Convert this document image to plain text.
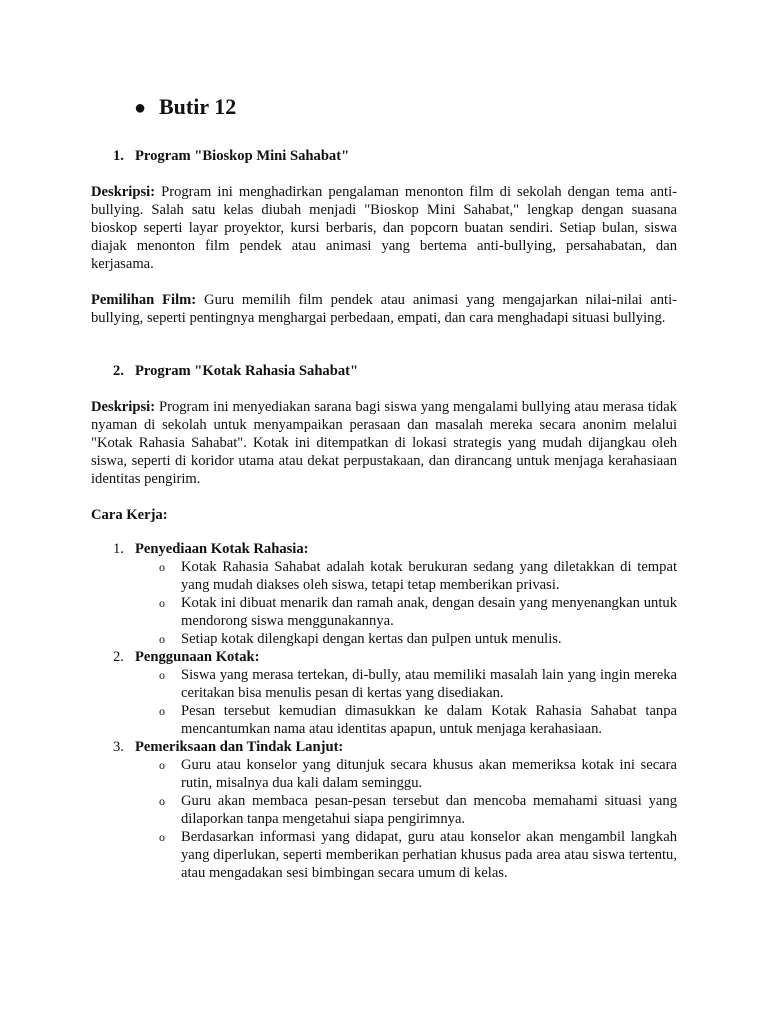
● Butir 12
1. Program "Bioskop Mini Sahabat"
Deskripsi: Program ini menghadirkan pengalaman menonton film di sekolah dengan tema anti-bullying. Salah satu kelas diubah menjadi "Bioskop Mini Sahabat," lengkap dengan suasana bioskop seperti layar proyektor, kursi berbaris, dan popcorn buatan sendiri. Setiap bulan, siswa diajak menonton film pendek atau animasi yang bertema anti-bullying, persahabatan, dan kerjasama.
Pemilihan Film: Guru memilih film pendek atau animasi yang mengajarkan nilai-nilai anti-bullying, seperti pentingnya menghargai perbedaan, empati, dan cara menghadapi situasi bullying.
2. Program "Kotak Rahasia Sahabat"
Deskripsi: Program ini menyediakan sarana bagi siswa yang mengalami bullying atau merasa tidak nyaman di sekolah untuk menyampaikan perasaan dan masalah mereka secara anonim melalui "Kotak Rahasia Sahabat". Kotak ini ditempatkan di lokasi strategis yang mudah dijangkau oleh siswa, seperti di koridor utama atau dekat perpustakaan, dan dirancang untuk menjaga kerahasiaan identitas pengirim.
Cara Kerja:
1. Penyediaan Kotak Rahasia:
o Kotak Rahasia Sahabat adalah kotak berukuran sedang yang diletakkan di tempat yang mudah diakses oleh siswa, tetapi tetap memberikan privasi.
o Kotak ini dibuat menarik dan ramah anak, dengan desain yang menyenangkan untuk mendorong siswa menggunakannya.
o Setiap kotak dilengkapi dengan kertas dan pulpen untuk menulis.
2. Penggunaan Kotak:
o Siswa yang merasa tertekan, di-bully, atau memiliki masalah lain yang ingin mereka ceritakan bisa menulis pesan di kertas yang disediakan.
o Pesan tersebut kemudian dimasukkan ke dalam Kotak Rahasia Sahabat tanpa mencantumkan nama atau identitas apapun, untuk menjaga kerahasiaan.
3. Pemeriksaan dan Tindak Lanjut:
o Guru atau konselor yang ditunjuk secara khusus akan memeriksa kotak ini secara rutin, misalnya dua kali dalam seminggu.
o Guru akan membaca pesan-pesan tersebut dan mencoba memahami situasi yang dilaporkan tanpa mengetahui siapa pengirimnya.
o Berdasarkan informasi yang didapat, guru atau konselor akan mengambil langkah yang diperlukan, seperti memberikan perhatian khusus pada area atau siswa tertentu, atau mengadakan sesi bimbingan secara umum di kelas.
